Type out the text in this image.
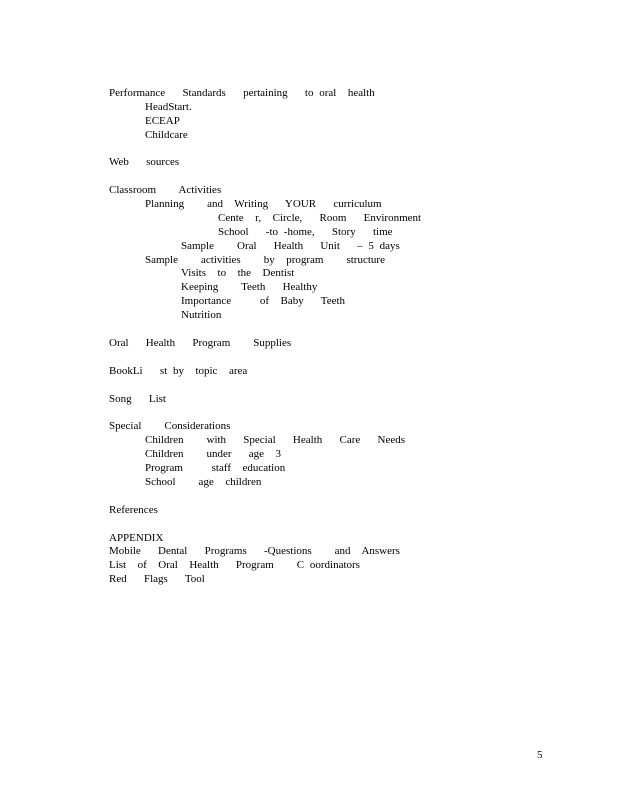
Performance   Standards   pertaining   to oral  health
HeadStart.
ECEAP
Childcare
Web   sources
Classroom    Activities
Planning    and  Writing   YOUR   curriculum
Cente  r,  Circle,   Room   Environment
School   -to -home,   Story   time
Sample    Oral   Health   Unit   – 5 days
Sample    activities    by  program    structure
Visits  to  the  Dentist
Keeping    Teeth   Healthy
Importance     of  Baby   Teeth
Nutrition
Oral   Health   Program    Supplies
BookLi   st by  topic  area
Song   List
Special    Considerations
Children    with   Special   Health   Care   Needs
Children    under   age  3
Program     staff  education
School    age  children
References
APPENDIX
Mobile   Dental   Programs   -Questions    and  Answers
List  of  Oral  Health   Program    C oordinators
Red   Flags   Tool
5
